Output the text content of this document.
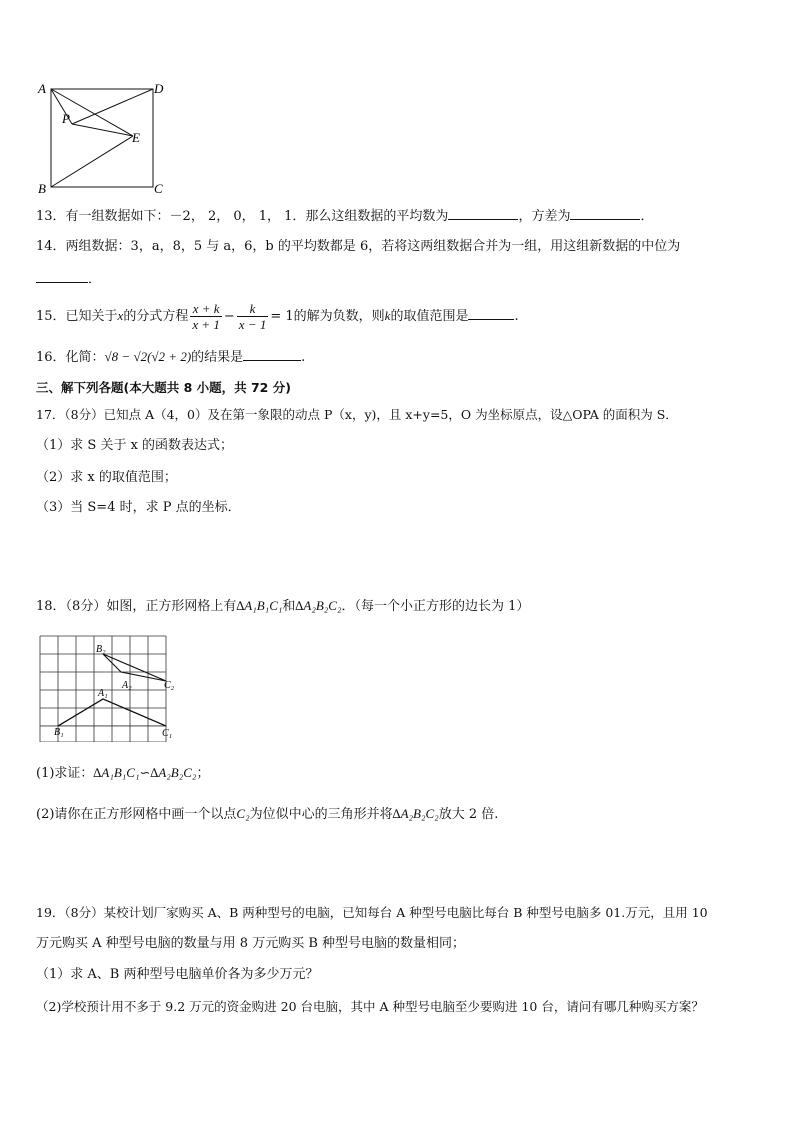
A	D
P
E
B	C
13．有一组数据如下：－2， 2， 0， 1， 1．那么这组数据的平均数为	，方差为	．
14．两组数据：3，a，8，5 与 a，6，b 的平均数都是 6，若将这两组数据合并为一组，用这组新数据的中位为
．
15．已知关于x的分式方程 $\frac{x + k}{x + 1} - \frac{k}{x - 1} = 1$的解为负数，则k的取值范围是	.
16．化简：√8 − √2(√2 + 2)的结果是	.
三、解下列各题(本大题共 8 小题，共 72 分)
17．（8分）已知点 A（4，0）及在第一象限的动点 P（x，y)，且 x+y=5，O 为坐标原点，设△OPA 的面积为 S．
（1）求 S 关于 x 的函数表达式；
（2）求 x 的取值范围；
（3）当 S=4 时，求 P 点的坐标．
18．（8分）如图，正方形网格上有∆A₁B₁C₁和∆A₂B₂C₂．（每一个小正方形的边长为 1）
B₂
A₂	C₂
A₁
B₁	C₁
(1)求证：∆A₁B₁C₁∽∆A₂B₂C₂；
(2)请你在正方形网格中画一个以点C₂为位似中心的三角形并将∆A₂B₂C₂放大 2 倍.
19．（8分）某校计划厂家购买 A、B 两种型号的电脑，已知每台 A 种型号电脑比每台 B 种型号电脑多 01.万元，且用 10
万元购买 A 种型号电脑的数量与用 8 万元购买 B 种型号电脑的数量相同；
（1）求 A、B 两种型号电脑单价各为多少万元？
（2)学校预计用不多于 9.2 万元的资金购进 20 台电脑，其中 A 种型号电脑至少要购进 10 台，请问有哪几种购买方案？
